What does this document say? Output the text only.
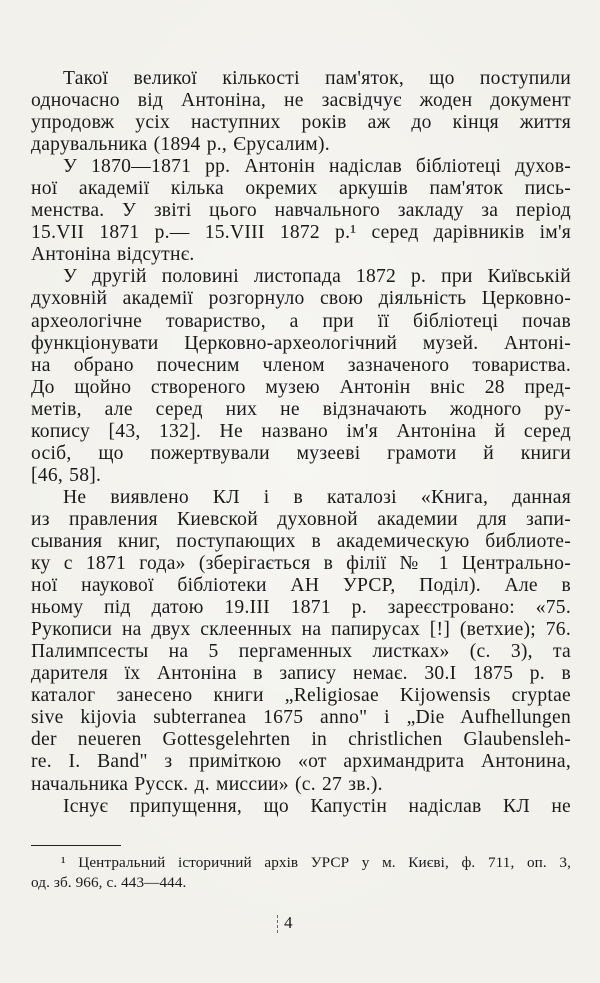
Такої великої кількості пам'яток, що поступили
одночасно від Антоніна, не засвідчує жоден документ
упродовж усіх наступних років аж до кінця життя
дарувальника (1894 р., Єрусалим).
У 1870—1871 рр. Антонін надіслав бібліотеці духов-
ної академії кілька окремих аркушів пам'яток пись-
менства. У звіті цього навчального закладу за період
15.VII 1871 р.— 15.VIII 1872 р.¹ серед дарівників ім'я
Антоніна відсутнє.
У другій половині листопада 1872 р. при Київській
духовній академії розгорнуло свою діяльність Церковно-
археологічне товариство, а при її бібліотеці почав
функціонувати Церковно-археологічний музей. Антоні-
на обрано почесним членом зазначеного товариства.
До щойно створеного музею Антонін вніс 28 пред-
метів, але серед них не відзначають жодного ру-
копису [43, 132]. Не названо ім'я Антоніна й серед
осіб, що пожертвували музееві грамоти й книги
[46, 58].
Не виявлено КЛ і в каталозі «Книга, данная
из правления Киевской духовной академии для запи-
сывания книг, поступающих в академическую библиоте-
ку с 1871 года» (зберігається в філії № 1 Центрально-
ної наукової бібліотеки АН УРСР, Поділ). Але в
ньому під датою 19.III 1871 р. зареєстровано: «75.
Рукописи на двух склеенных на папирусах [!] (ветхие); 76.
Палимпсесты на 5 пергаменных листках» (с. 3), та
дарителя їх Антоніна в запису немає. 30.I 1875 р. в
каталог занесено книги „Religiosae Kijowensis cryptae
sive kijovia subterranea 1675 anno" і „Die Aufhellungen
der neueren Gottesgelehrten in christlichen Glaubensleh-
re. I. Band" з приміткою «от архимандрита Антонина,
начальника Русск. д. миссии» (с. 27 зв.).
Існує припущення, що Капустін надіслав КЛ не
¹ Центральний історичний архів УРСР у м. Києві, ф. 711, оп. 3,
од. зб. 966, с. 443—444.
4
